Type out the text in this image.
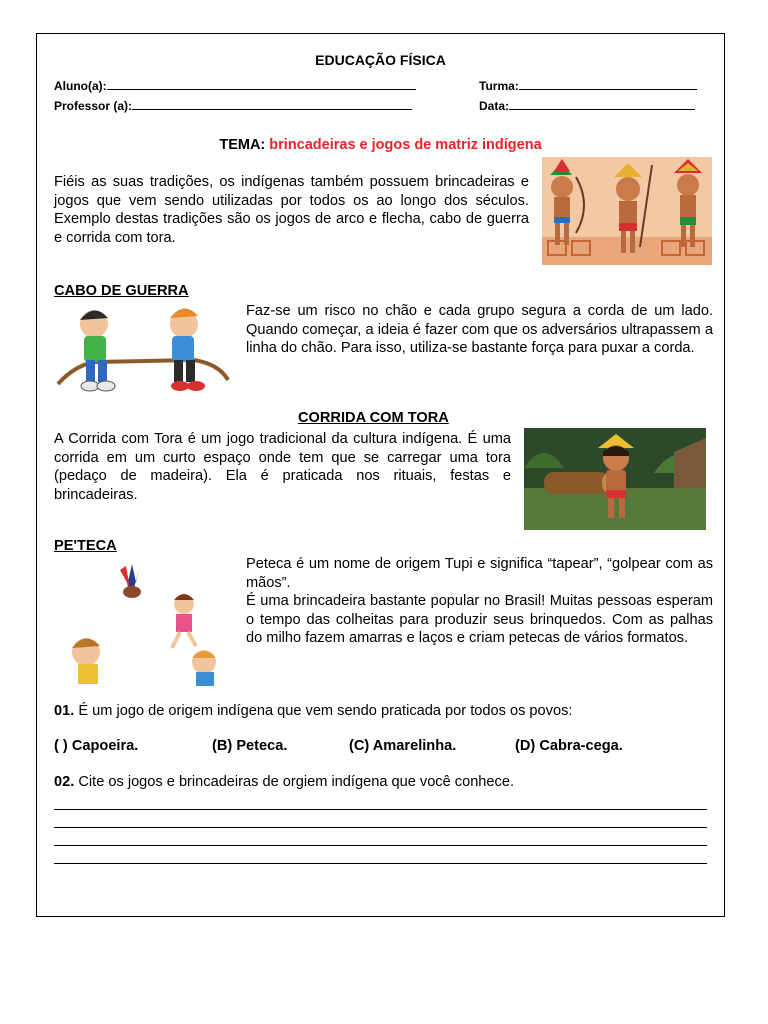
EDUCAÇÃO FÍSICA
Aluno(a):	Turma:
Professor (a):	Data:
TEMA: brincadeiras e jogos de matriz indígena
Fiéis as suas tradições, os indígenas também possuem brincadeiras e jogos que vem sendo utilizadas por todos os ao longo dos séculos. Exemplo destas tradições são os jogos de arco e flecha, cabo de guerra e corrida com tora.
CABO DE GUERRA
Faz-se um risco no chão e cada grupo segura a corda de um lado. Quando começar, a ideia é fazer com que os adversários ultrapassem a linha do chão. Para isso, utiliza-se bastante força para puxar a corda.
CORRIDA COM TORA
A Corrida com Tora é um jogo tradicional da cultura indígena. É uma corrida em um curto espaço onde tem que se carregar uma tora (pedaço de madeira). Ela é praticada nos rituais, festas e brincadeiras.
PE'TECA
Peteca é um nome de origem Tupi e significa “tapear”, “golpear com as mãos”.
É uma brincadeira bastante popular no Brasil! Muitas pessoas esperam o tempo das colheitas para produzir seus brinquedos. Com as palhas do milho fazem amarras e laços e criam petecas de vários formatos.
01. É um jogo de origem indígena que vem sendo praticada por todos os povos:
( ) Capoeira.	(B) Peteca.	(C) Amarelinha.	(D) Cabra-cega.
02. Cite os jogos e brincadeiras de orgiem indígena que você conhece.
